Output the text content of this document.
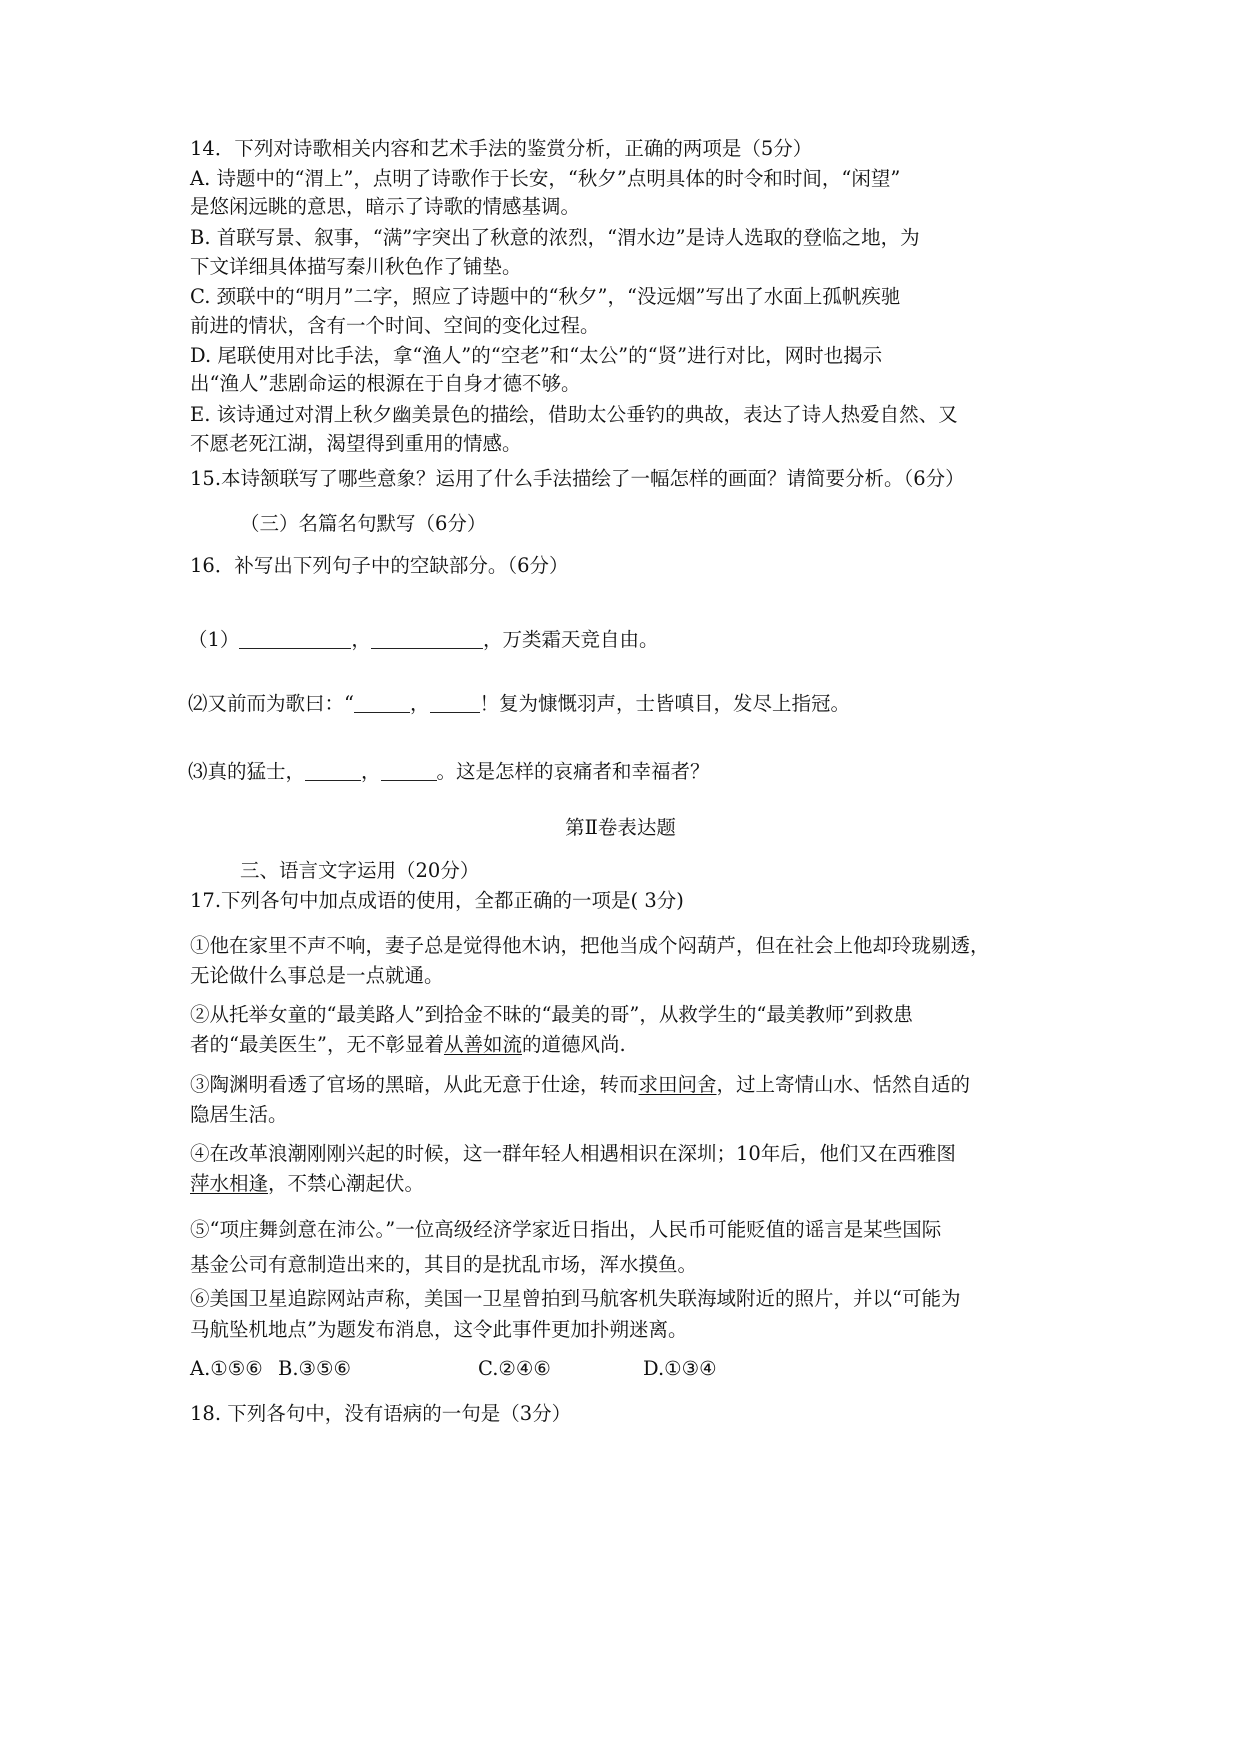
14．下列对诗歌相关内容和艺术手法的鉴赏分析，正确的两项是（5分）
A. 诗题中的“渭上”，点明了诗歌作于长安，“秋夕”点明具体的时令和时间，“闲望”
是悠闲远眺的意思，暗示了诗歌的情感基调。
B. 首联写景、叙事，“满”字突出了秋意的浓烈，“渭水边”是诗人选取的登临之地，为
下文详细具体描写秦川秋色作了铺垫。
C. 颈联中的“明月”二字，照应了诗题中的“秋夕”，“没远烟”写出了水面上孤帆疾驰
前进的情状，含有一个时间、空间的变化过程。
D. 尾联使用对比手法，拿“渔人”的“空老”和“太公”的“贤”进行对比，网时也揭示
出“渔人”悲剧命运的根源在于自身才德不够。
E. 该诗通过对渭上秋夕幽美景色的描绘，借助太公垂钓的典故，表达了诗人热爱自然、又
不愿老死江湖，渴望得到重用的情感。
15.本诗颔联写了哪些意象？运用了什么手法描绘了一幅怎样的画面？请简要分析。（6分）
（三）名篇名句默写（6分）
16．补写出下列句子中的空缺部分。（6分）
（1）	，	，万类霜天竞自由。
⑵又前而为歌曰：“	，	！复为慷慨羽声，士皆嗔目，发尽上指冠。
⑶真的猛士，	，	。这是怎样的哀痛者和幸福者？
第Ⅱ卷表达题
三、语言文字运用（20分）
17.下列各句中加点成语的使用，全都正确的一项是( 3分)
①他在家里不声不响，妻子总是觉得他木讷，把他当成个闷葫芦，但在社会上他却玲珑剔透，
无论做什么事总是一点就通。
②从托举女童的“最美路人”到拾金不昧的“最美的哥”，从救学生的“最美教师”到救患
者的“最美医生”，无不彰显着从善如流的道德风尚.
③陶渊明看透了官场的黑暗，从此无意于仕途，转而求田问舍，过上寄情山水、恬然自适的
隐居生活。
④在改革浪潮刚刚兴起的时候，这一群年轻人相遇相识在深圳；10年后，他们又在西雅图
萍水相逢，不禁心潮起伏。
⑤“项庄舞剑意在沛公。”一位高级经济学家近日指出，人民币可能贬值的谣言是某些国际
基金公司有意制造出来的，其目的是扰乱市场，浑水摸鱼。
⑥美国卫星追踪网站声称，美国一卫星曾拍到马航客机失联海域附近的照片，并以“可能为
马航坠机地点”为题发布消息，这令此事件更加扑朔迷离。
A.①⑤⑥ B.③⑤⑥	C.②④⑥	D.①③④
18. 下列各句中，没有语病的一句是（3分）
